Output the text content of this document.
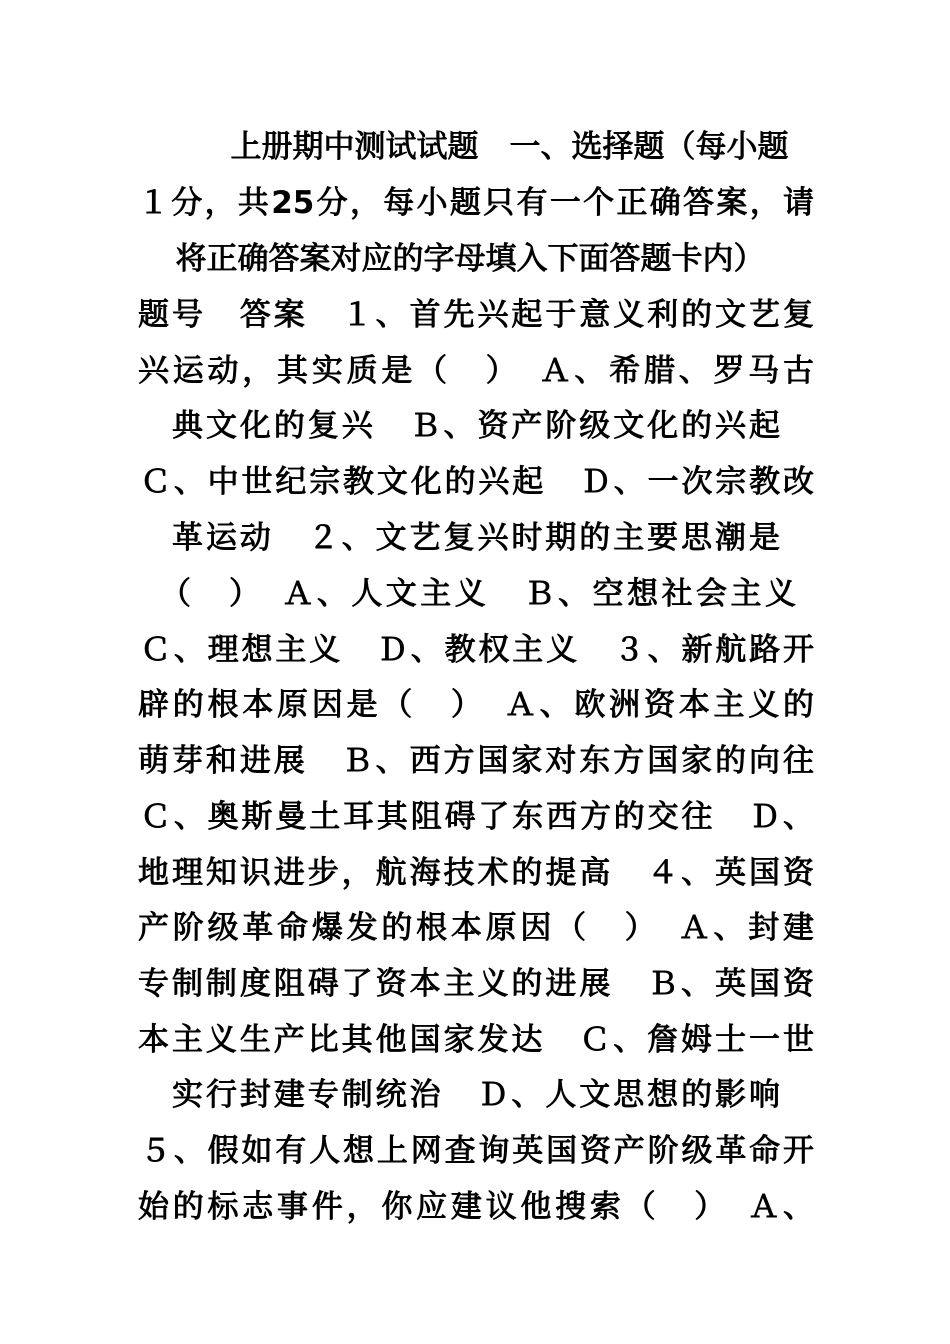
上册期中测试试题　一、选择题（每小题
１分，共25分，每小题只有一个正确答案，请
将正确答案对应的字母填入下面答题卡内）
题号　答案　１、首先兴起于意义利的文艺复
兴运动，其实质是（　）　Ａ、希腊、罗马古
典文化的复兴　Ｂ、资产阶级文化的兴起
Ｃ、中世纪宗教文化的兴起　Ｄ、一次宗教改
革运动　２、文艺复兴时期的主要思潮是
（　）　Ａ、人文主义　Ｂ、空想社会主义
Ｃ、理想主义　Ｄ、教权主义　３、新航路开
辟的根本原因是（　）　Ａ、欧洲资本主义的
萌芽和进展　Ｂ、西方国家对东方国家的向往
Ｃ、奥斯曼土耳其阻碍了东西方的交往　Ｄ、
地理知识进步，航海技术的提高　４、英国资
产阶级革命爆发的根本原因（　）　Ａ、封建
专制制度阻碍了资本主义的进展　Ｂ、英国资
本主义生产比其他国家发达　Ｃ、詹姆士一世
实行封建专制统治　Ｄ、人文思想的影响
５、假如有人想上网查询英国资产阶级革命开
始的标志事件，你应建议他搜索（　）　Ａ、
